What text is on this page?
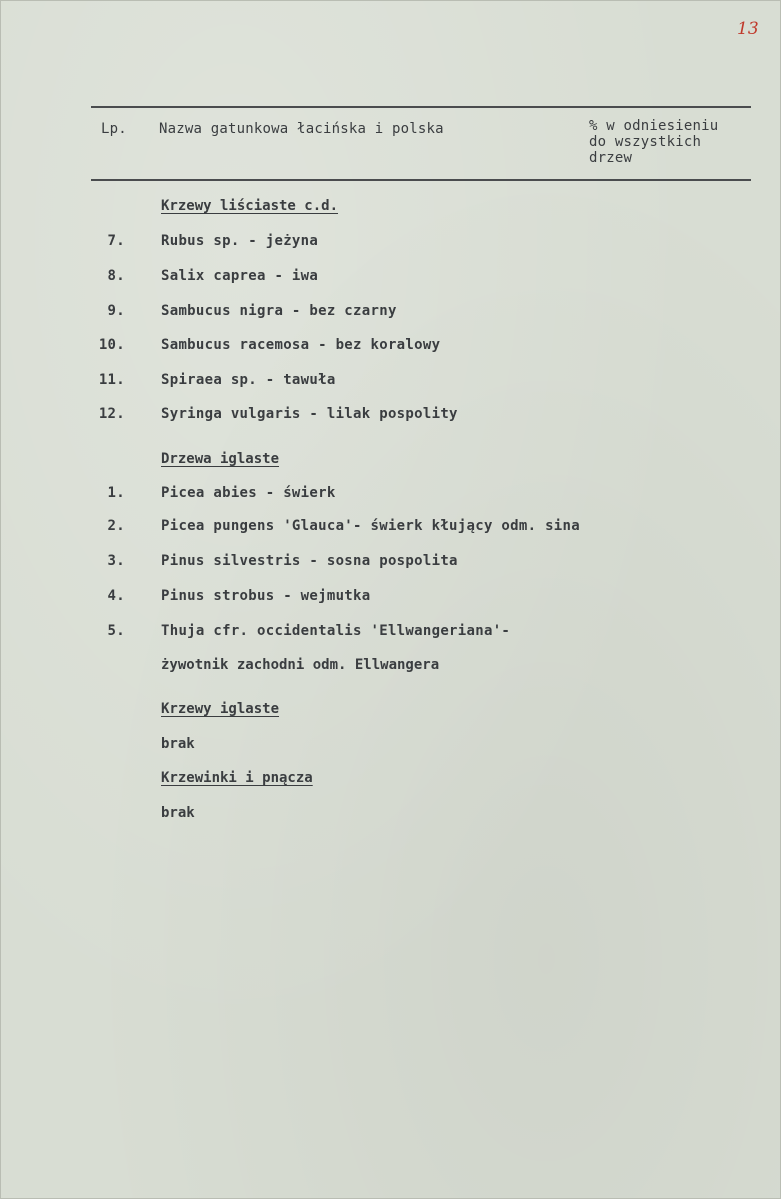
13
Lp. Nazwa gatunkowa łacińska i polska	% w odniesieniu
do wszystkich
drzew
Krzewy liściaste c.d.
7.	Rubus sp. - jeżyna
8.	Salix caprea - iwa
9.	Sambucus nigra - bez czarny
10.	Sambucus racemosa - bez koralowy
11.	Spiraea sp. - tawuła
12.	Syringa vulgaris - lilak pospolity
Drzewa iglaste
1.	Picea abies - świerk
2.	Picea pungens 'Glauca'- świerk kłujący odm. sina
3.	Pinus silvestris - sosna pospolita
4.	Pinus strobus - wejmutka
5.	Thuja cfr. occidentalis 'Ellwangeriana'-
żywotnik zachodni odm. Ellwangera
Krzewy iglaste
brak
Krzewinki i pnącza
brak
